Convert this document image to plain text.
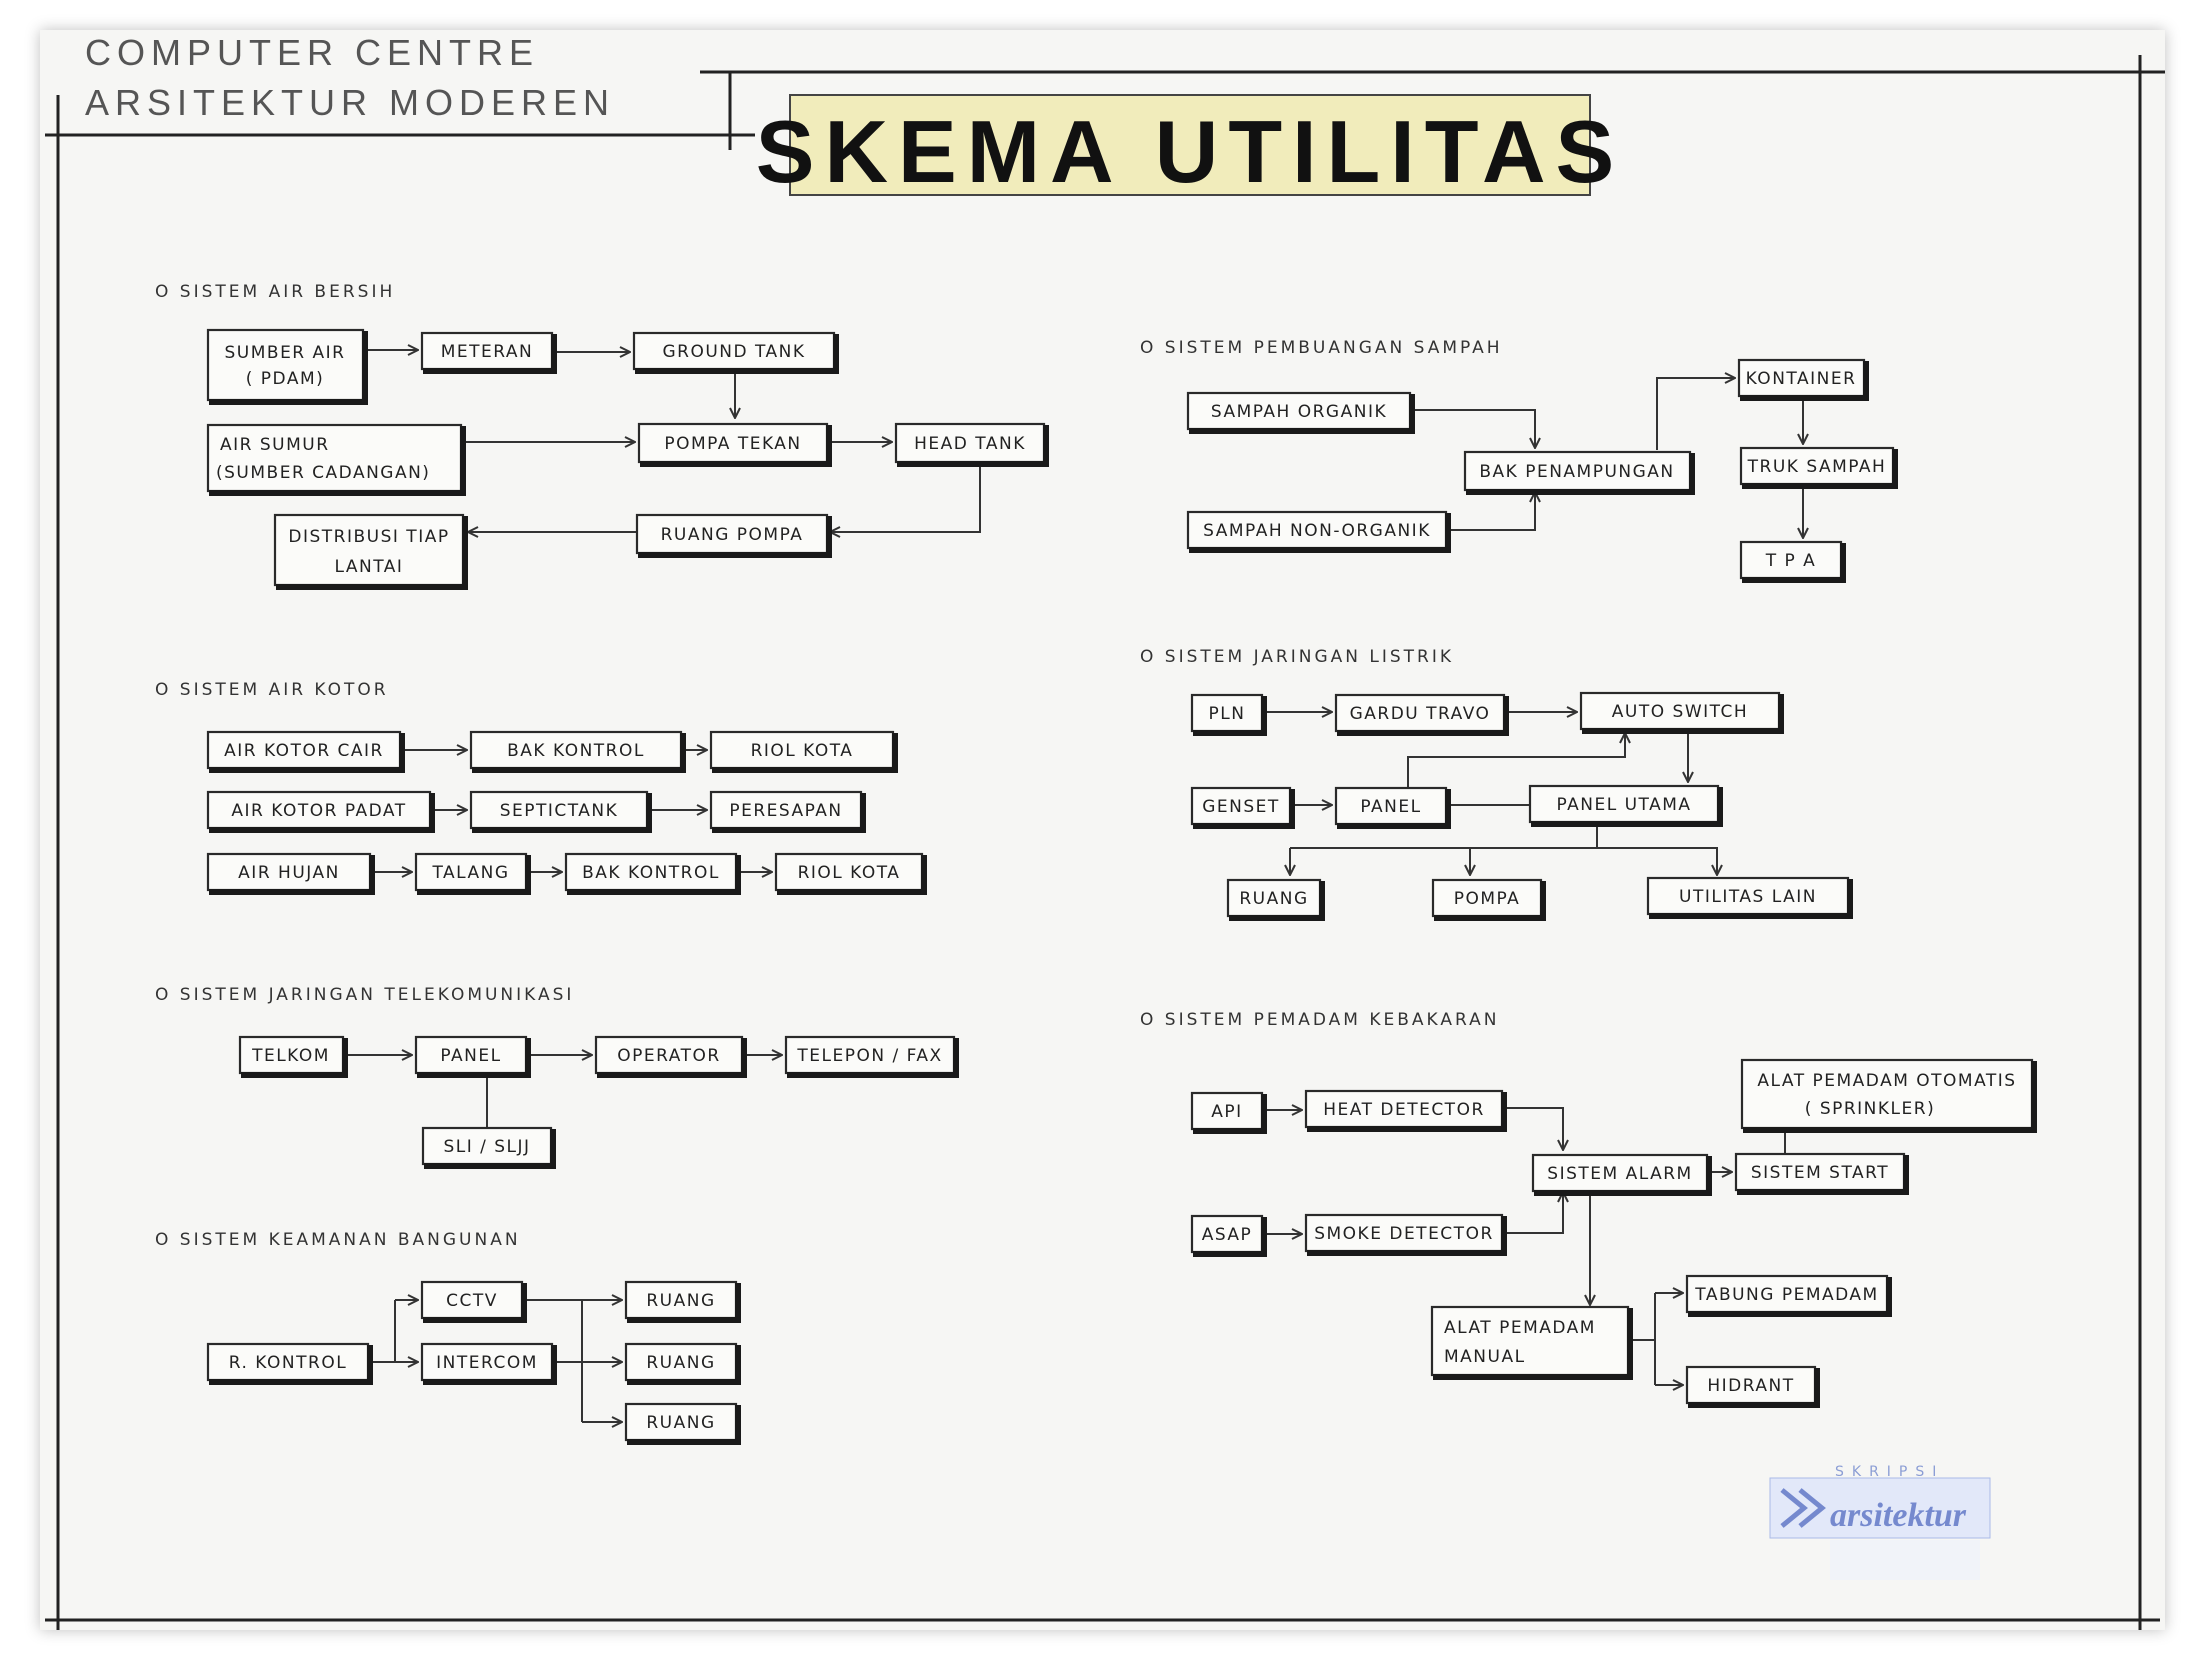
COMPUTER CENTRE
ARSITEKTUR MODEREN SKEMA UTILITAS
O SISTEM AIR BERSIH
SUMBER AIR
( PDAM)
METERAN	GROUND TANK
AIR SUMUR
(SUMBER CADANGAN)
POMPA TEKAN	HEAD TANK
DISTRIBUSI TIAP
LANTAI
RUANG POMPA
O SISTEM AIR KOTOR
AIR KOTOR CAIR	BAK KONTROL	RIOL KOTA
AIR KOTOR PADAT	SEPTICTANK	PERESAPAN
AIR HUJAN	TALANG	BAK KONTROL	RIOL KOTA
O SISTEM JARINGAN TELEKOMUNIKASI
TELKOM	PANEL	OPERATOR	TELEPON / FAX
SLI / SLJJ
O SISTEM KEAMANAN BANGUNAN
R. KONTROL
CCTV
INTERCOM
RUANG
RUANG
RUANG
O SISTEM PEMBUANGAN SAMPAH
SAMPAH ORGANIK
SAMPAH NON-ORGANIK
BAK PENAMPUNGAN
KONTAINER
TRUK SAMPAH
T P A
O SISTEM JARINGAN LISTRIK
PLN	GARDU TRAVO	AUTO SWITCH
GENSET	PANEL	PANEL UTAMA
RUANG	POMPA	UTILITAS LAIN
O SISTEM PEMADAM KEBAKARAN
API	HEAT DETECTOR
ASAP	SMOKE DETECTOR
SISTEM ALARM	SISTEM START
ALAT PEMADAM OTOMATIS
( SPRINKLER)
ALAT PEMADAM
MANUAL
TABUNG PEMADAM
HIDRANT
SKRIPSI
arsitektur
